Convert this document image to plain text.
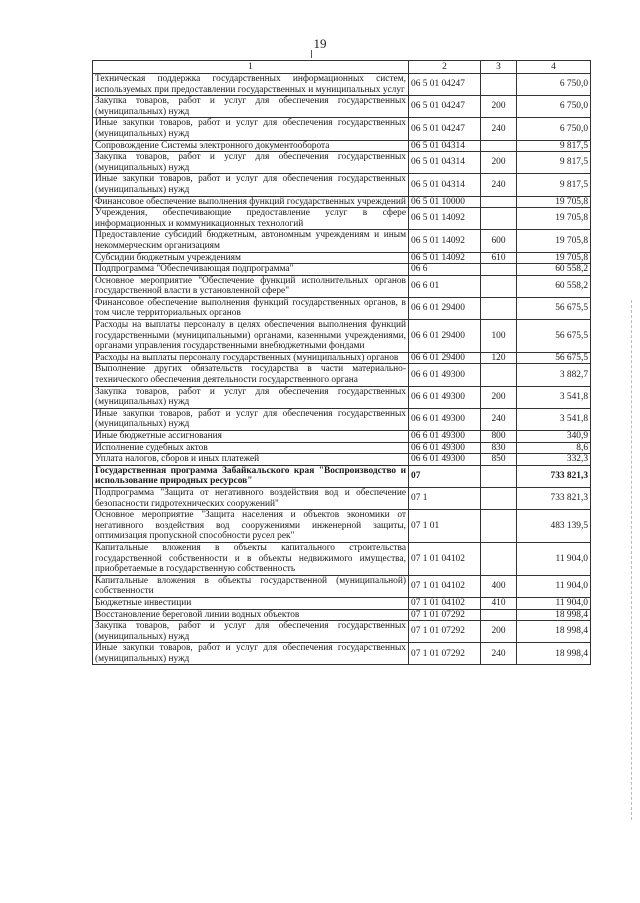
19
1	2	3	4
Техническая поддержка государственных информационных систем, используемых при предоставлении государственных и муниципальных услуг	06 5 01 04247		6 750,0
Закупка товаров, работ и услуг для обеспечения государственных (муниципальных) нужд	06 5 01 04247	200	6 750,0
Иные закупки товаров, работ и услуг для обеспечения государственных (муниципальных) нужд	06 5 01 04247	240	6 750,0
Сопровождение Системы электронного документооборота	06 5 01 04314		9 817,5
Закупка товаров, работ и услуг для обеспечения государственных (муниципальных) нужд	06 5 01 04314	200	9 817,5
Иные закупки товаров, работ и услуг для обеспечения государственных (муниципальных) нужд	06 5 01 04314	240	9 817,5
Финансовое обеспечение выполнения функций государственных учреждений	06 5 01 10000		19 705,8
Учреждения, обеспечивающие предоставление услуг в сфере информационных и коммуникационных технологий	06 5 01 14092		19 705,8
Предоставление субсидий бюджетным, автономным учреждениям и иным некоммерческим организациям	06 5 01 14092	600	19 705,8
Субсидии бюджетным учреждениям	06 5 01 14092	610	19 705,8
Подпрограмма "Обеспечивающая подпрограмма"	06 6		60 558,2
Основное мероприятие "Обеспечение функций исполнительных органов государственной власти в установленной сфере"	06 6 01		60 558,2
Финансовое обеспечение выполнения функций государственных органов, в том числе территориальных органов	06 6 01 29400		56 675,5
Расходы на выплаты персоналу в целях обеспечения выполнения функций государственными (муниципальными) органами, казенными учреждениями, органами управления государственными внебюджетными фондами	06 6 01 29400	100	56 675,5
Расходы на выплаты персоналу государственных (муниципальных) органов	06 6 01 29400	120	56 675,5
Выполнение других обязательств государства в части материально-технического обеспечения деятельности государственного органа	06 6 01 49300		3 882,7
Закупка товаров, работ и услуг для обеспечения государственных (муниципальных) нужд	06 6 01 49300	200	3 541,8
Иные закупки товаров, работ и услуг для обеспечения государственных (муниципальных) нужд	06 6 01 49300	240	3 541,8
Иные бюджетные ассигнования	06 6 01 49300	800	340,9
Исполнение судебных актов	06 6 01 49300	830	8,6
Уплата налогов, сборов и иных платежей	06 6 01 49300	850	332,3
Государственная программа Забайкальского края "Воспроизводство и использование природных ресурсов"	07		733 821,3
Подпрограмма "Защита от негативного воздействия вод и обеспечение безопасности гидротехнических сооружений"	07 1		733 821,3
Основное мероприятие "Защита населения и объектов экономики от негативного воздействия вод сооружениями инженерной защиты, оптимизация пропускной способности русел рек"	07 1 01		483 139,5
Капитальные вложения в объекты капитального строительства государственной собственности и в объекты недвижимого имущества, приобретаемые в государственную собственность	07 1 01 04102		11 904,0
Капитальные вложения в объекты государственной (муниципальной) собственности	07 1 01 04102	400	11 904,0
Бюджетные инвестиции	07 1 01 04102	410	11 904,0
Восстановление береговой линии водных объектов	07 1 01 07292		18 998,4
Закупка товаров, работ и услуг для обеспечения государственных (муниципальных) нужд	07 1 01 07292	200	18 998,4
Иные закупки товаров, работ и услуг для обеспечения государственных (муниципальных) нужд	07 1 01 07292	240	18 998,4
